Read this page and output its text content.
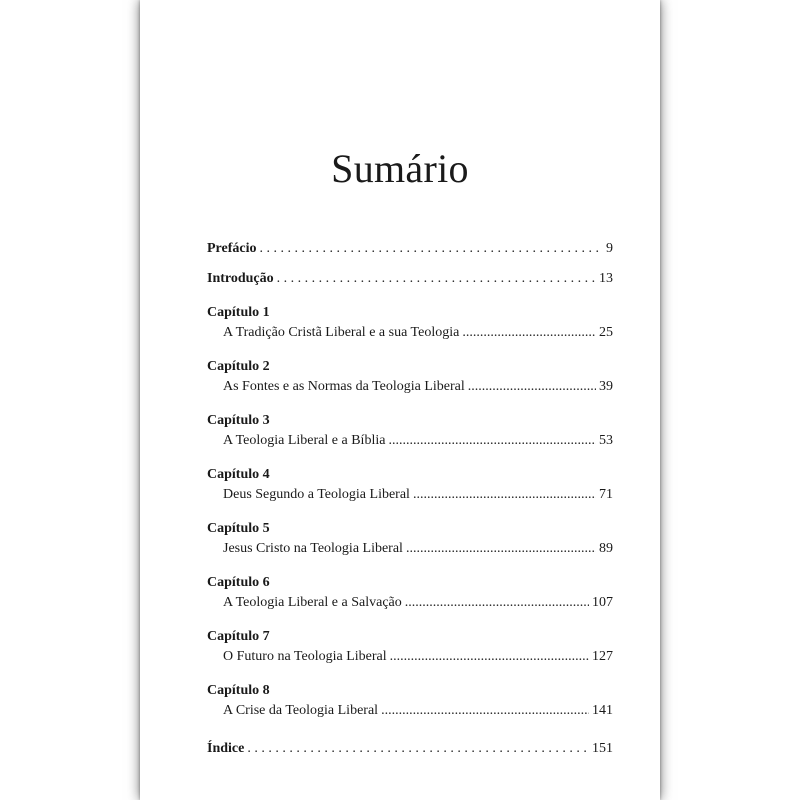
Sumário
Prefácio . . .	9
Introdução . . .	13
Capítulo 1
A Tradição Cristã Liberal e a sua Teologia .....	25
Capítulo 2
As Fontes e as Normas da Teologia Liberal .....	39
Capítulo 3
A Teologia Liberal e a Bíblia .....	53
Capítulo 4
Deus Segundo a Teologia Liberal .....	71
Capítulo 5
Jesus Cristo na Teologia Liberal .....	89
Capítulo 6
A Teologia Liberal e a Salvação .....	107
Capítulo 7
O Futuro na Teologia Liberal .....	127
Capítulo 8
A Crise da Teologia Liberal .....	141
Índice . . .	151
